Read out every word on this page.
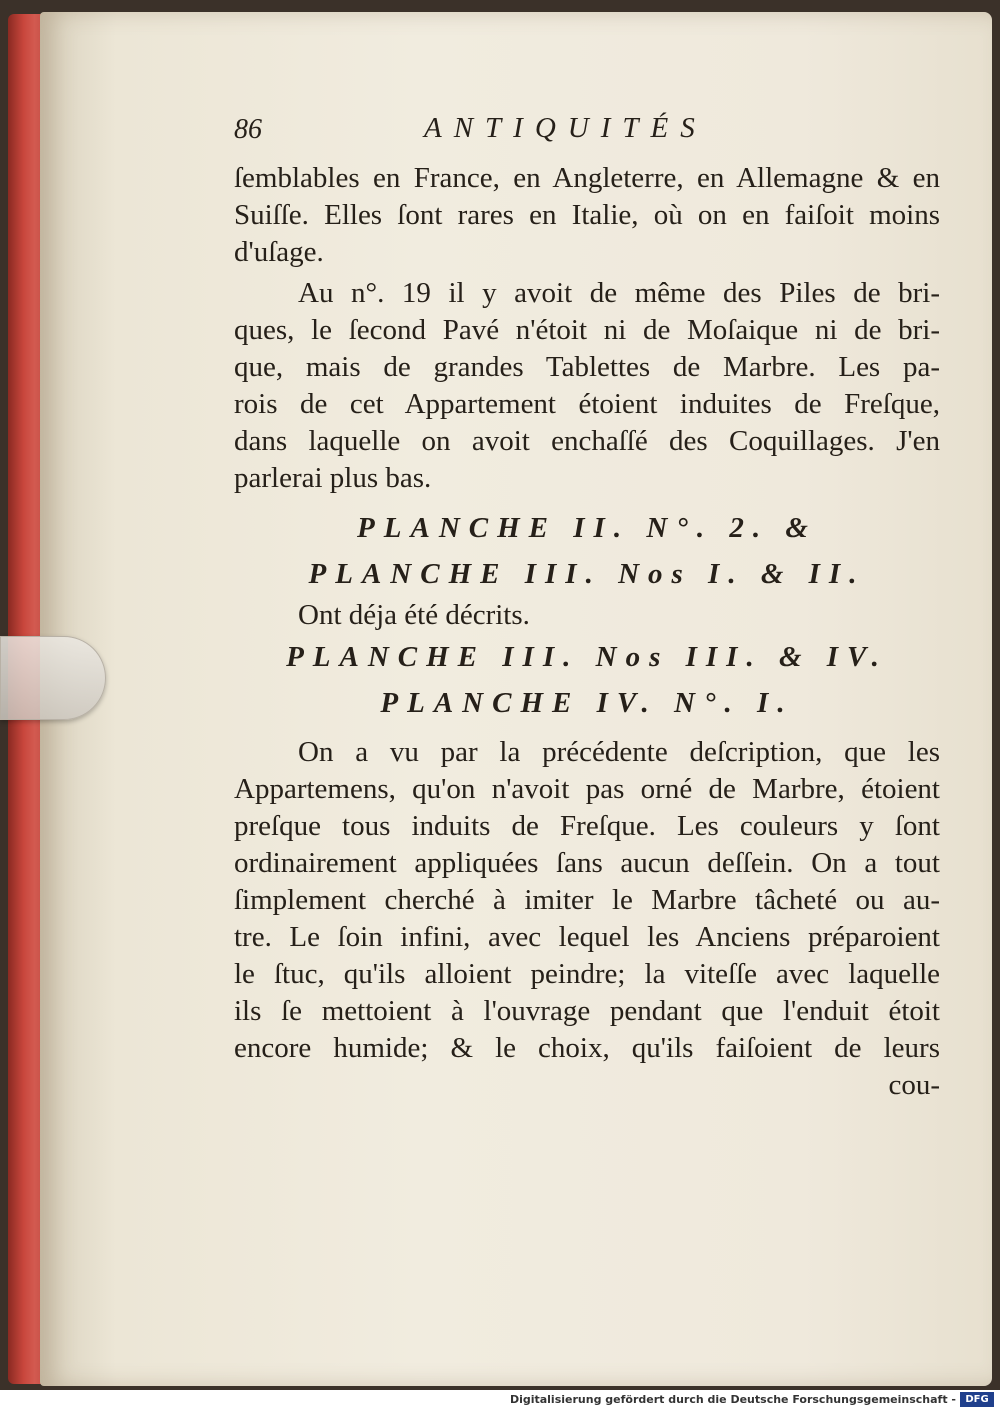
86	ANTIQUITÉS
ſemblables en France, en Angleterre, en Allemagne & en
Suiſſe. Elles ſont rares en Italie, où on en faiſoit moins
d'uſage.
Au n°. 19 il y avoit de même des Piles de bri-
ques, le ſecond Pavé n'étoit ni de Moſaique ni de bri-
que, mais de grandes Tablettes de Marbre. Les pa-
rois de cet Appartement étoient induites de Freſque,
dans laquelle on avoit enchaſſé des Coquillages. J'en
parlerai plus bas.
PLANCHE II. N°. 2. &
PLANCHE III. Nos I. & II.
Ont déja été décrits.
PLANCHE III. Nos III. & IV.
PLANCHE IV. N°. I.
On a vu par la précédente deſcription, que les
Appartemens, qu'on n'avoit pas orné de Marbre, étoient
preſque tous induits de Freſque. Les couleurs y ſont
ordinairement appliquées ſans aucun deſſein. On a tout
ſimplement cherché à imiter le Marbre tâcheté ou au-
tre. Le ſoin infini, avec lequel les Anciens préparoient
le ſtuc, qu'ils alloient peindre; la viteſſe avec laquelle
ils ſe mettoient à l'ouvrage pendant que l'enduit étoit
encore humide; & le choix, qu'ils faiſoient de leurs
cou-
Digitalisierung gefördert durch die Deutsche Forschungsgemeinschaft - DFG
